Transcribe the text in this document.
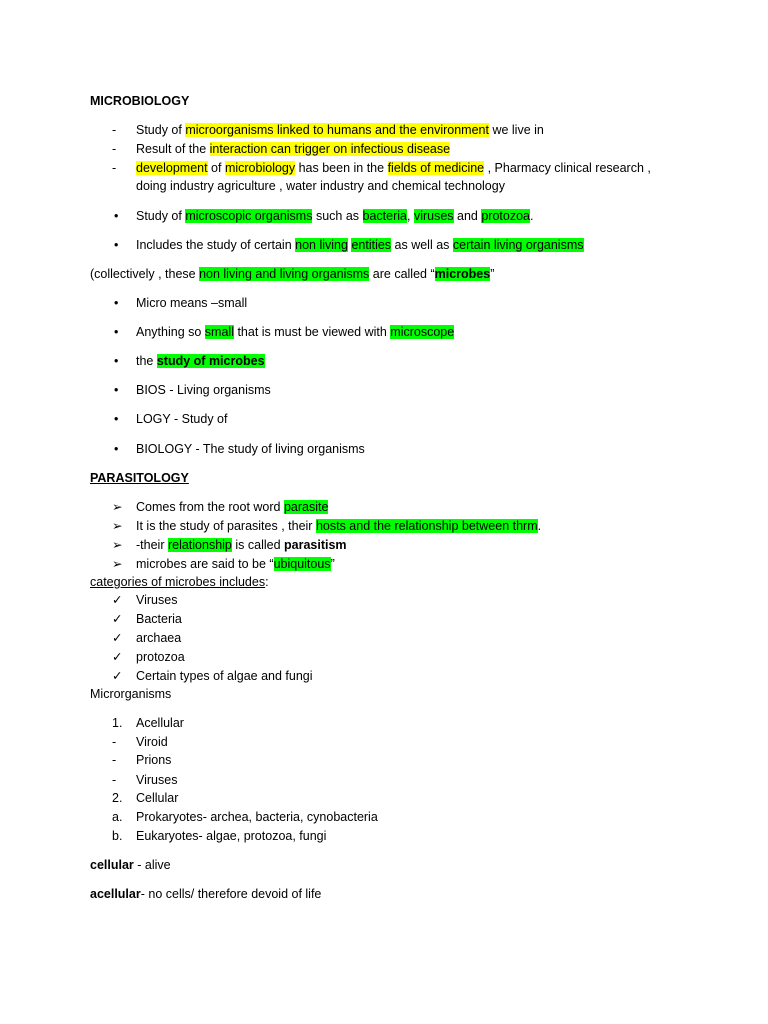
MICROBIOLOGY
- Study of microorganisms linked to humans and the environment we live in
- Result of the interaction can trigger on infectious disease
- development of microbiology has been in the fields of medicine , Pharmacy clinical research ,
doing industry agriculture , water industry and chemical technology
• Study of microscopic organisms such as bacteria, viruses and protozoa.
• Includes the study of certain non living entities as well as certain living organisms
(collectively , these non living and living organisms are called “microbes”
• Micro means –small
• Anything so small that is must be viewed with microscope
• the study of microbes
• BIOS - Living organisms
• LOGY - Study of
• BIOLOGY - The study of living organisms
PARASITOLOGY
➢ Comes from the root word parasite
➢ It is the study of parasites , their hosts and the relationship between thrm.
➢ -their relationship is called parasitism
➢ microbes are said to be “ubiquitous”
categories of microbes includes:
✓ Viruses
✓ Bacteria
✓ archaea
✓ protozoa
✓ Certain types of algae and fungi
Microrganisms
1. Acellular
- Viroid
- Prions
- Viruses
2. Cellular
a. Prokaryotes- archea, bacteria, cynobacteria
b. Eukaryotes- algae, protozoa, fungi
cellular - alive
acellular- no cells/ therefore devoid of life
